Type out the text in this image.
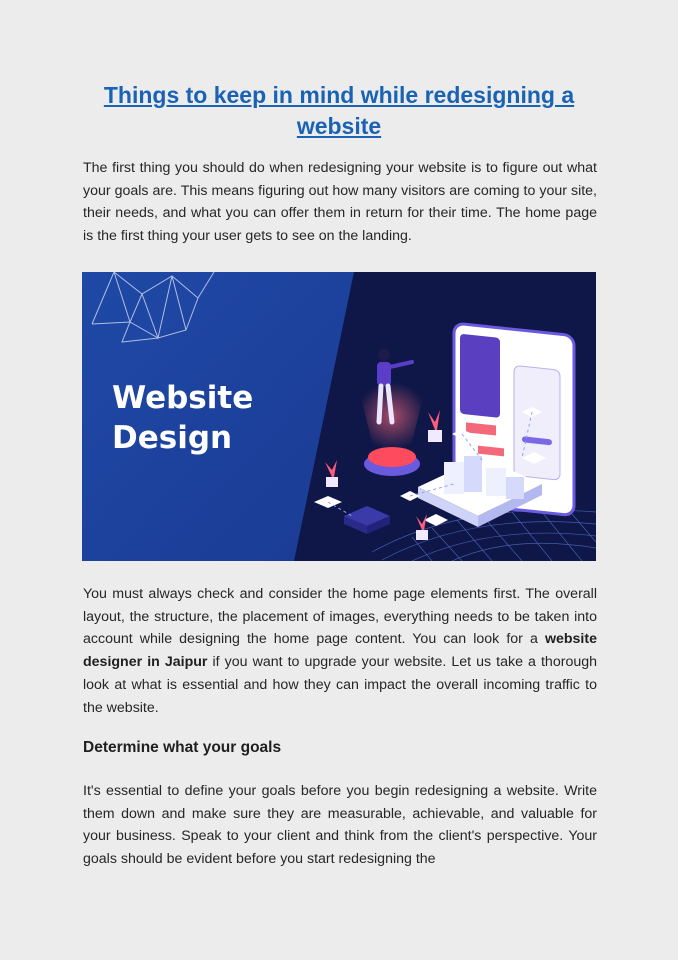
Things to keep in mind while redesigning a website

The first thing you should do when redesigning your website is to figure out what your goals are. This means figuring out how many visitors are coming to your site, their needs, and what you can offer them in return for their time. The home page is the first thing your user gets to see on the landing.

Website
Design

You must always check and consider the home page elements first. The overall layout, the structure, the placement of images, everything needs to be taken into account while designing the home page content. You can look for a website designer in Jaipur if you want to upgrade your website. Let us take a thorough look at what is essential and how they can impact the overall incoming traffic to the website.

Determine what your goals

It's essential to define your goals before you begin redesigning a website. Write them down and make sure they are measurable, achievable, and valuable for your business. Speak to your client and think from the client's perspective. Your goals should be evident before you start redesigning the
